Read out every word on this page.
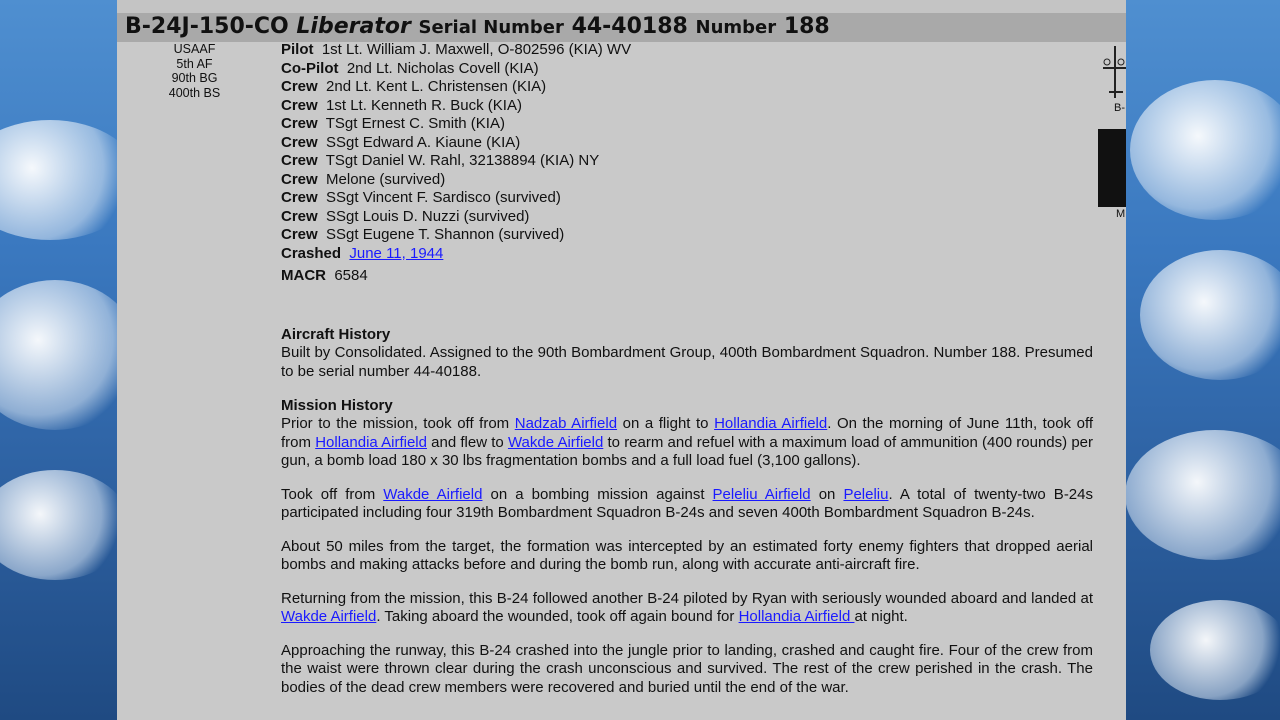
B-24J-150-CO Liberator Serial Number 44-40188 Number 188
USAAF
5th AF
90th BG
400th BS
Pilot 1st Lt. William J. Maxwell, O-802596 (KIA) WV
Co-Pilot 2nd Lt. Nicholas Covell (KIA)
Crew 2nd Lt. Kent L. Christensen (KIA)
Crew 1st Lt. Kenneth R. Buck (KIA)
Crew TSgt Ernest C. Smith (KIA)
Crew SSgt Edward A. Kiaune (KIA)
Crew TSgt Daniel W. Rahl, 32138894 (KIA) NY
Crew Melone (survived)
Crew SSgt Vincent F. Sardisco (survived)
Crew SSgt Louis D. Nuzzi (survived)
Crew SSgt Eugene T. Shannon (survived)
Crashed June 11, 1944
MACR 6584
Aircraft History

Built by Consolidated. Assigned to the 90th Bombardment Group, 400th Bombardment Squadron. Number 188. Presumed to be serial number 44-40188.

Mission History

Prior to the mission, took off from Nadzab Airfield on a flight to Hollandia Airfield. On the morning of June 11th, took off from Hollandia Airfield and flew to Wakde Airfield to rearm and refuel with a maximum load of ammunition (400 rounds) per gun, a bomb load 180 x 30 lbs fragmentation bombs and a full load fuel (3,100 gallons).

Took off from Wakde Airfield on a bombing mission against Peleliu Airfield on Peleliu. A total of twenty-two B-24s participated including four 319th Bombardment Squadron B-24s and seven 400th Bombardment Squadron B-24s.

About 50 miles from the target, the formation was intercepted by an estimated forty enemy fighters that dropped aerial bombs and making attacks before and during the bomb run, along with accurate anti-aircraft fire.

Returning from the mission, this B-24 followed another B-24 piloted by Ryan with seriously wounded aboard and landed at Wakde Airfield. Taking aboard the wounded, took off again bound for Hollandia Airfield at night.

Approaching the runway, this B-24 crashed into the jungle prior to landing, crashed and caught fire. Four of the crew from the waist were thrown clear during the crash unconscious and survived. The rest of the crew perished in the crash. The bodies of the dead crew members were recovered and buried until the end of the war.

B-
M
